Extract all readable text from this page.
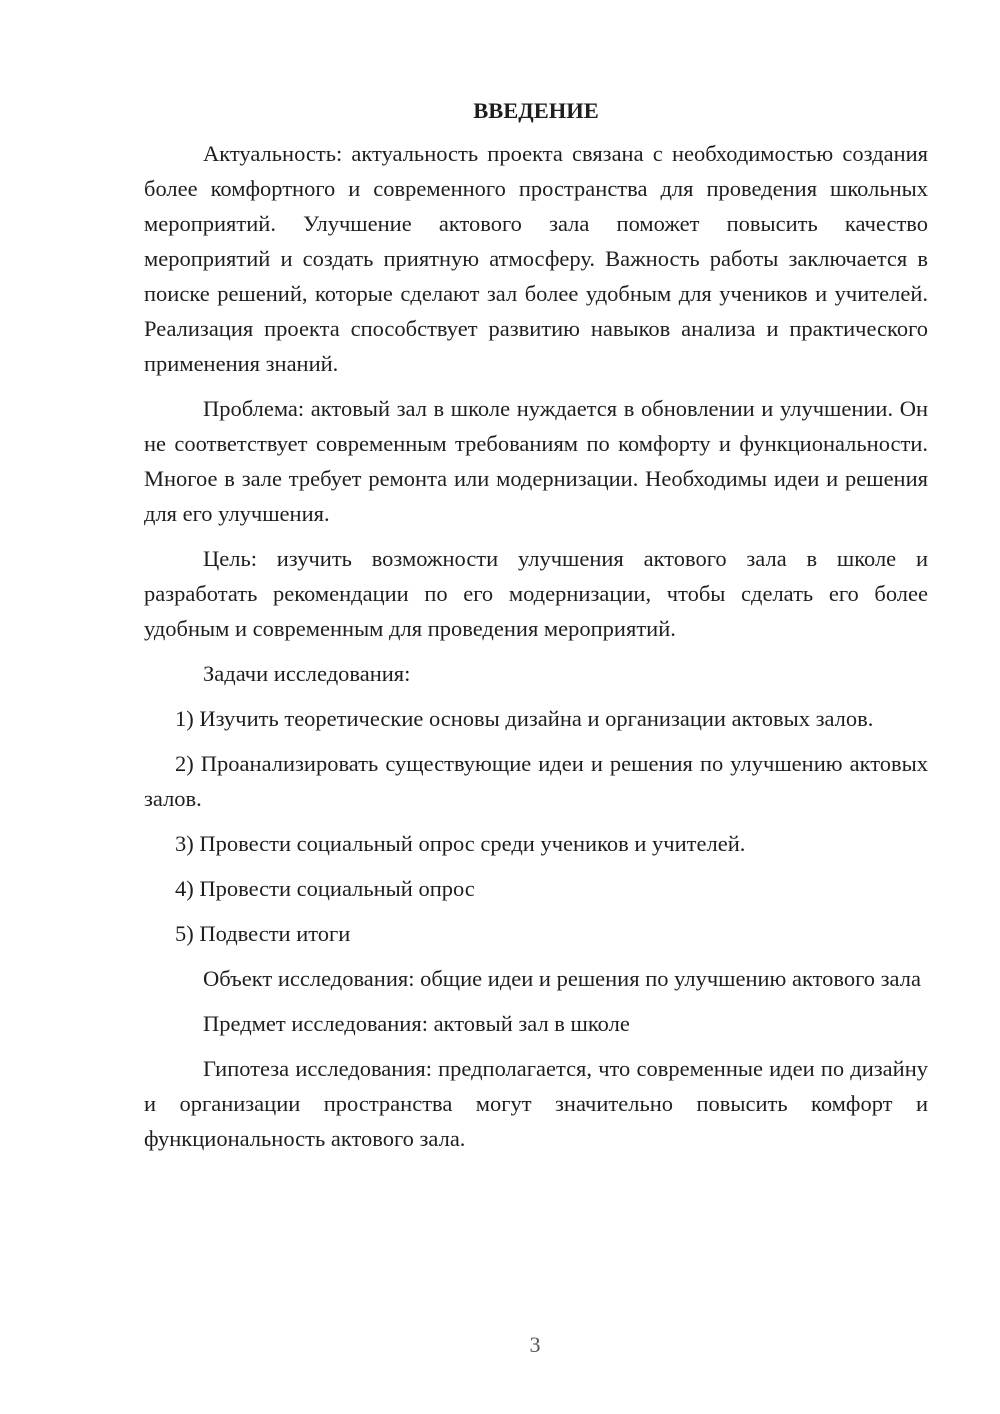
ВВЕДЕНИЕ

Актуальность: актуальность проекта связана с необходимостью создания более комфортного и современного пространства для проведения школьных мероприятий. Улучшение актового зала поможет повысить качество мероприятий и создать приятную атмосферу. Важность работы заключается в поиске решений, которые сделают зал более удобным для учеников и учителей. Реализация проекта способствует развитию навыков анализа и практического применения знаний.

Проблема: актовый зал в школе нуждается в обновлении и улучшении. Он не соответствует современным требованиям по комфорту и функциональности. Многое в зале требует ремонта или модернизации. Необходимы идеи и решения для его улучшения.

Цель: изучить возможности улучшения актового зала в школе и разработать рекомендации по его модернизации, чтобы сделать его более удобным и современным для проведения мероприятий.

Задачи исследования:

1) Изучить теоретические основы дизайна и организации актовых залов.

2) Проанализировать существующие идеи и решения по улучшению актовых залов.

3) Провести социальный опрос среди учеников и учителей.

4) Провести социальный опрос

5) Подвести итоги

Объект исследования: общие идеи и решения по улучшению актового зала

Предмет исследования: актовый зал в школе

Гипотеза исследования: предполагается, что современные идеи по дизайну и организации пространства могут значительно повысить комфорт и функциональность актового зала.

3
